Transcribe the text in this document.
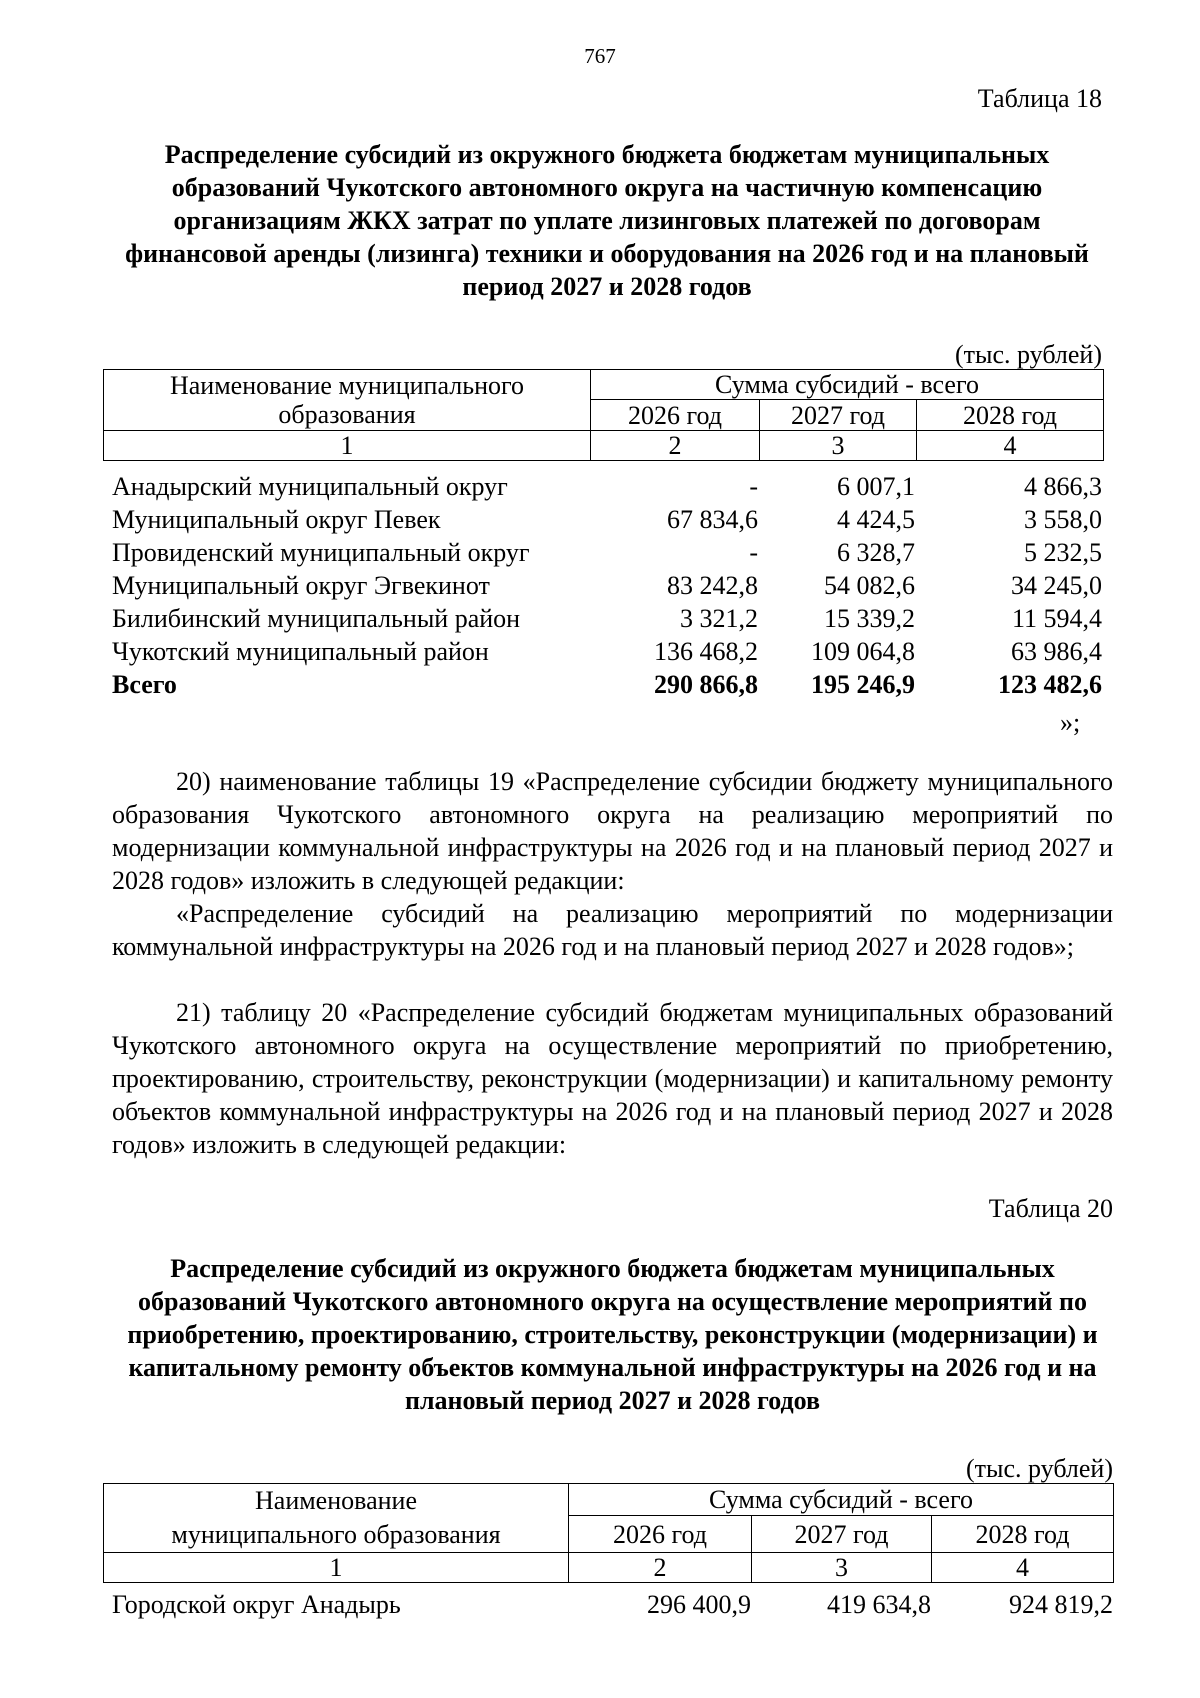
767
Таблица 18
Распределение субсидий из окружного бюджета бюджетам муниципальных образований Чукотского автономного округа на частичную компенсацию организациям ЖКХ затрат по уплате лизинговых платежей по договорам финансовой аренды (лизинга) техники и оборудования на 2026 год и на плановый период 2027 и 2028 годов
(тыс. рублей)
Наименование муниципального образования	Сумма субсидий - всего		
	2026 год	2027 год	2028 год
1	2	3	4
Анадырский муниципальный округ	-	6 007,1	4 866,3
Муниципальный округ Певек	67 834,6	4 424,5	3 558,0
Провиденский муниципальный округ	-	6 328,7	5 232,5
Муниципальный округ Эгвекинот	83 242,8	54 082,6	34 245,0
Билибинский муниципальный район	3 321,2	15 339,2	11 594,4
Чукотский муниципальный район	136 468,2	109 064,8	63 986,4
Всего	290 866,8	195 246,9	123 482,6
»;
20) наименование таблицы 19 «Распределение субсидии бюджету муниципального образования Чукотского автономного округа на реализацию мероприятий по модернизации коммунальной инфраструктуры на 2026 год и на плановый период 2027 и 2028 годов» изложить в следующей редакции:
«Распределение субсидий на реализацию мероприятий по модернизации коммунальной инфраструктуры на 2026 год и на плановый период 2027 и 2028 годов»;
21) таблицу 20 «Распределение субсидий бюджетам муниципальных образований Чукотского автономного округа на осуществление мероприятий по приобретению, проектированию, строительству, реконструкции (модернизации) и капитальному ремонту объектов коммунальной инфраструктуры на 2026 год и на плановый период 2027 и 2028 годов» изложить в следующей редакции:
Таблица 20
Распределение субсидий из окружного бюджета бюджетам муниципальных образований Чукотского автономного округа на осуществление мероприятий по приобретению, проектированию, строительству, реконструкции (модернизации) и капитальному ремонту объектов коммунальной инфраструктуры на 2026 год и на плановый период 2027 и 2028 годов
(тыс. рублей)
Наименование
муниципального образования	Сумма субсидий - всего		
	2026 год	2027 год	2028 год
1	2	3	4
Городской округ Анадырь	296 400,9	419 634,8	924 819,2
